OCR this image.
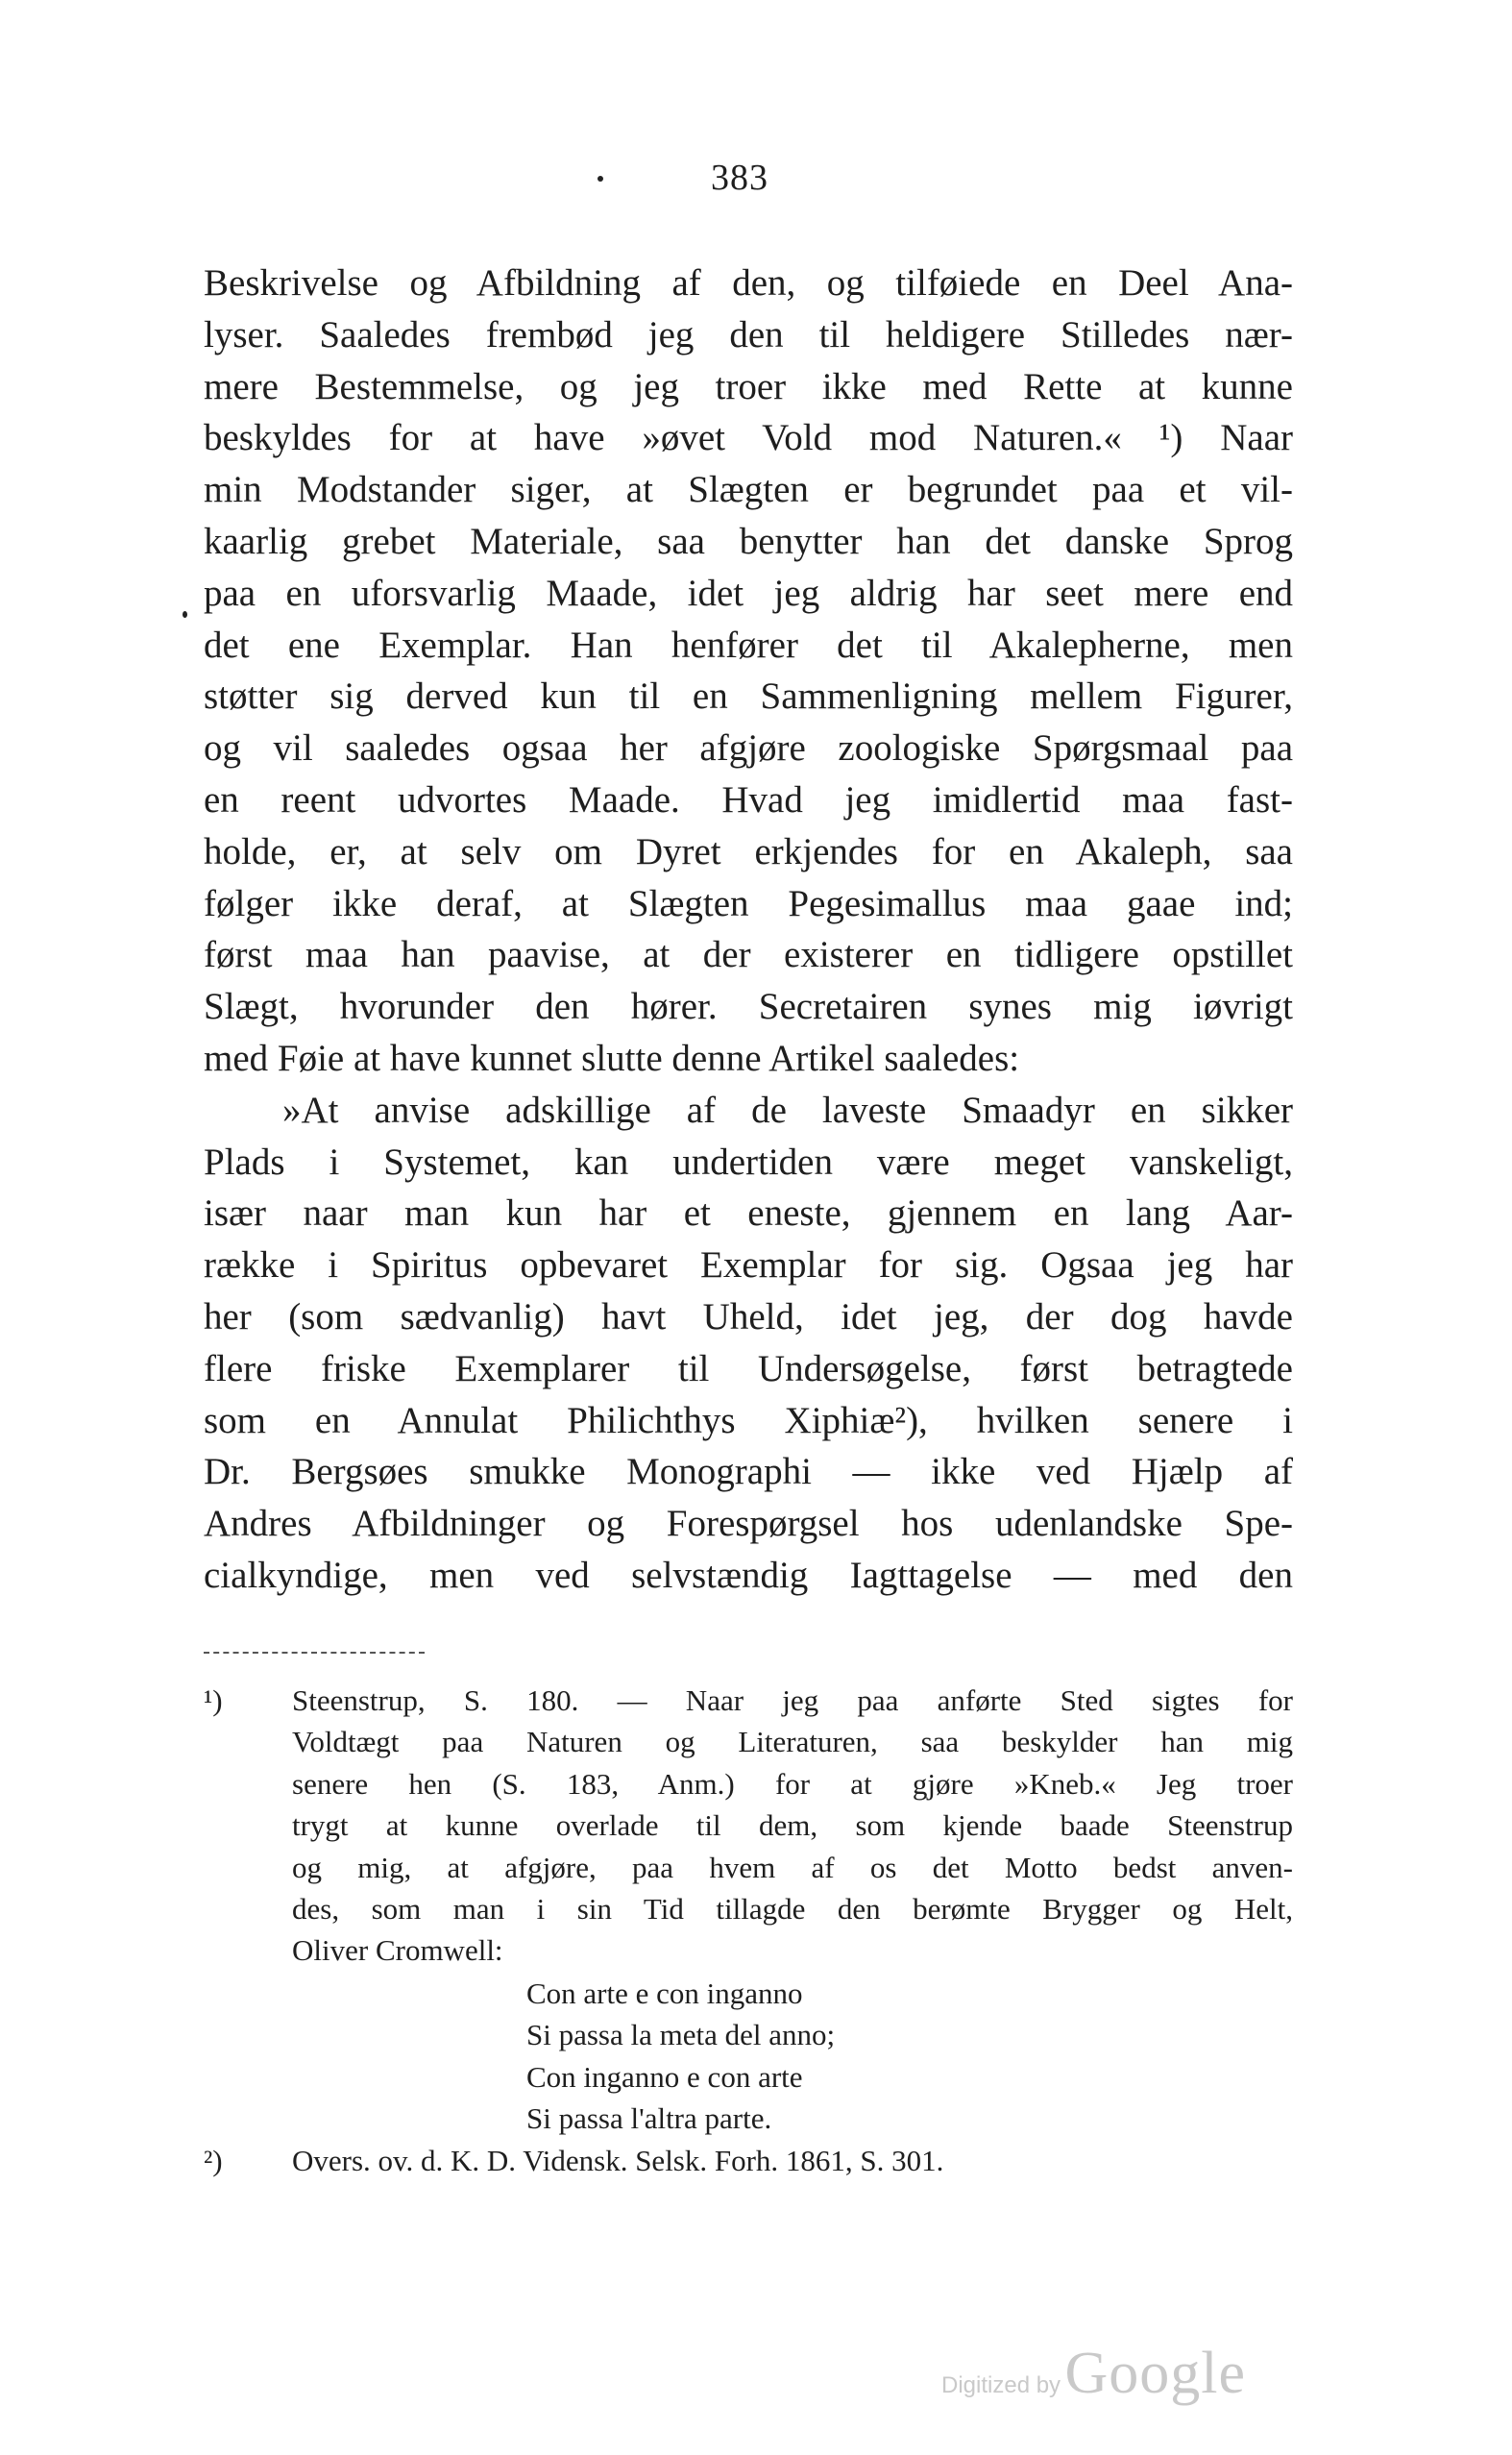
383
Beskrivelse og Afbildning af den, og tilføiede en Deel Ana-
lyser. Saaledes frembød jeg den til heldigere Stilledes nær-
mere Bestemmelse, og jeg troer ikke med Rette at kunne
beskyldes for at have »øvet Vold mod Naturen.« ¹) Naar
min Modstander siger, at Slægten er begrundet paa et vil-
kaarlig grebet Materiale, saa benytter han det danske Sprog
paa en uforsvarlig Maade, idet jeg aldrig har seet mere end
det ene Exemplar. Han henfører det til Akalepherne, men
støtter sig derved kun til en Sammenligning mellem Figurer,
og vil saaledes ogsaa her afgjøre zoologiske Spørgsmaal paa
en reent udvortes Maade. Hvad jeg imidlertid maa fast-
holde, er, at selv om Dyret erkjendes for en Akaleph, saa
følger ikke deraf, at Slægten Pegesimallus maa gaae ind;
først maa han paavise, at der existerer en tidligere opstillet
Slægt, hvorunder den hører. Secretairen synes mig iøvrigt
med Føie at have kunnet slutte denne Artikel saaledes:
»At anvise adskillige af de laveste Smaadyr en sikker
Plads i Systemet, kan undertiden være meget vanskeligt,
især naar man kun har et eneste, gjennem en lang Aar-
række i Spiritus opbevaret Exemplar for sig. Ogsaa jeg har
her (som sædvanlig) havt Uheld, idet jeg, der dog havde
flere friske Exemplarer til Undersøgelse, først betragtede
som en Annulat Philichthys Xiphiæ²), hvilken senere i
Dr. Bergsøes smukke Monographi — ikke ved Hjælp af
Andres Afbildninger og Forespørgsel hos udenlandske Spe-
cialkyndige, men ved selvstændig Iagttagelse — med den
¹) Steenstrup, S. 180. — Naar jeg paa anførte Sted sigtes for
Voldtægt paa Naturen og Literaturen, saa beskylder han mig
senere hen (S. 183, Anm.) for at gjøre »Kneb.« Jeg troer
trygt at kunne overlade til dem, som kjende baade Steenstrup
og mig, at afgjøre, paa hvem af os det Motto bedst anven-
des, som man i sin Tid tillagde den berømte Brygger og Helt,
Oliver Cromwell:
Con arte e con inganno
Si passa la meta del anno;
Con inganno e con arte
Si passa l'altra parte.
²) Overs. ov. d. K. D. Vidensk. Selsk. Forh. 1861, S. 301.
Digitized by Google
